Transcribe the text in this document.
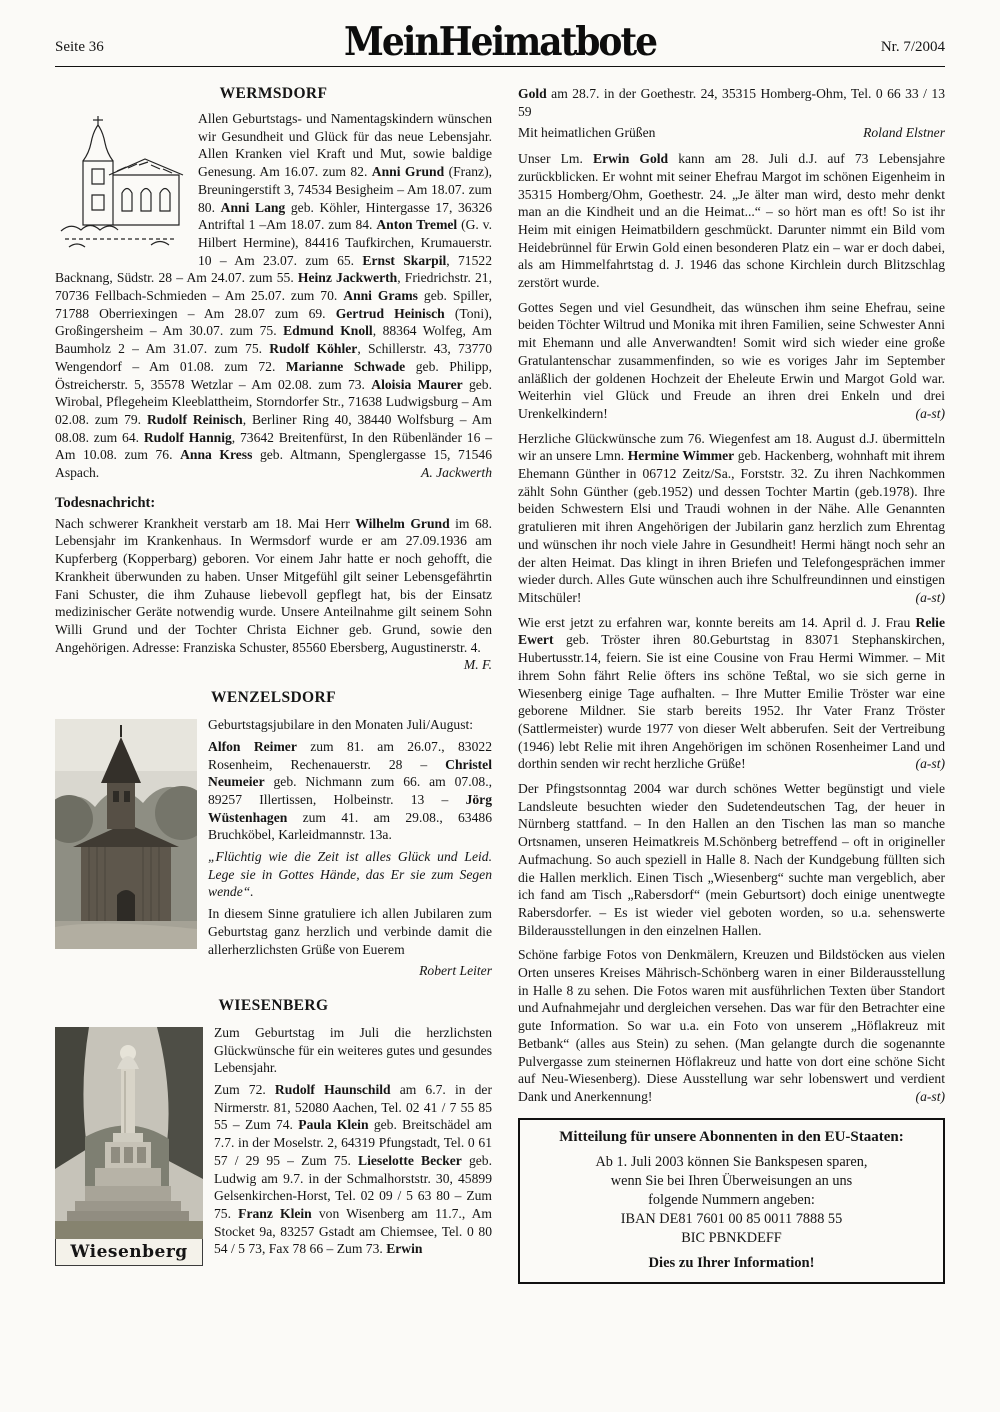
Seite 36	MeinHeimatbote	Nr. 7/2004
WERMSDORF

Allen Geburtstags- und Namentagskindern wünschen wir Gesundheit und Glück für das neue Lebensjahr. Allen Kranken viel Kraft und Mut, sowie baldige Genesung. Am 16.07. zum 82. Anni Grund (Franz), Breuningerstift 3, 74534 Besigheim – Am 18.07. zum 80. Anni Lang geb. Köhler, Hintergasse 17, 36326 Antriftal 1 –Am 18.07. zum 84. Anton Tremel (G. v. Hilbert Hermine), 84416 Taufkirchen, Krumauerstr. 10 – Am 23.07. zum 65. Ernst Skarpil, 71522 Backnang, Südstr. 28 – Am 24.07. zum 55. Heinz Jackwerth, Friedrichstr. 21, 70736 Fellbach-Schmieden – Am 25.07. zum 70. Anni Grams geb. Spiller, 71788 Oberriexingen – Am 28.07 zum 69. Gertrud Heinisch (Toni), Großingersheim – Am 30.07. zum 75. Edmund Knoll, 88364 Wolfeg, Am Baumholz 2 – Am 31.07. zum 75. Rudolf Köhler, Schillerstr. 43, 73770 Wengendorf – Am 01.08. zum 72. Marianne Schwade geb. Philipp, Östreicherstr. 5, 35578 Wetzlar – Am 02.08. zum 73. Aloisia Maurer geb. Wirobal, Pflegeheim Kleeblattheim, Storndorfer Str., 71638 Ludwigsburg – Am 02.08. zum 79. Rudolf Reinisch, Berliner Ring 40, 38440 Wolfsburg – Am 08.08. zum 64. Rudolf Hannig, 73642 Breitenfürst, In den Rübenländer 16 – Am 10.08. zum 76. Anna Kress geb. Altmann, Spenglergasse 15, 71546 Aspach.	A. Jackwerth

Todesnachricht:

Nach schwerer Krankheit verstarb am 18. Mai Herr Wilhelm Grund im 68. Lebensjahr im Krankenhaus. In Wermsdorf wurde er am 27.09.1936 am Kupferberg (Kopperbarg) geboren. Vor einem Jahr hatte er noch gehofft, die Krankheit überwunden zu haben. Unser Mitgefühl gilt seiner Lebensgefährtin Fani Schuster, die ihm Zuhause liebevoll gepflegt hat, bis der Einsatz medizinischer Geräte notwendig wurde. Unsere Anteilnahme gilt seinem Sohn Willi Grund und der Tochter Christa Eichner geb. Grund, sowie den Angehörigen. Adresse: Franziska Schuster, 85560 Ebersberg, Augustinerstr. 4.
M. F.

WENZELSDORF

Geburtstagsjubilare in den Monaten Juli/August:

Alfon Reimer zum 81. am 26.07., 83022 Rosenheim, Rechenauerstr. 28 – Christel Neumeier geb. Nichmann zum 66. am 07.08., 89257 Illertissen, Holbeinstr. 13 – Jörg Wüstenhagen zum 41. am 29.08., 63486 Bruchköbel, Karleidmannstr. 13a.

„Flüchtig wie die Zeit ist alles Glück und Leid. Lege sie in Gottes Hände, das Er sie zum Segen wende“.

In diesem Sinne gratuliere ich allen Jubilaren zum Geburtstag ganz herzlich und verbinde damit die allerherzlichsten Grüße von Euerem

Robert Leiter

WIESENBERG
Wiesenberg

Zum Geburtstag im Juli die herzlichsten Glückwünsche für ein weiteres gutes und gesundes Lebensjahr.

Zum 72. Rudolf Haunschild am 6.7. in der Nirmerstr. 81, 52080 Aachen, Tel. 02 41 / 7 55 85 55 – Zum 74. Paula Klein geb. Breitschädel am 7.7. in der Moselstr. 2, 64319 Pfungstadt, Tel. 0 61 57 / 29 95 – Zum 75. Lieselotte Becker geb. Ludwig am 9.7. in der Schmalhorststr. 30, 45899 Gelsenkirchen-Horst, Tel. 02 09 / 5 63 80 – Zum 75. Franz Klein von Wisenberg am 11.7., Am Stocket 9a, 83257 Gstadt am Chiemsee, Tel. 0 80 54 / 5 73, Fax 78 66 – Zum 73. Erwin

Gold am 28.7. in der Goethestr. 24, 35315 Homberg-Ohm, Tel. 0 66 33 / 13 59

Mit heimatlichen Grüßen	Roland Elstner

Unser Lm. Erwin Gold kann am 28. Juli d.J. auf 73 Lebensjahre zurückblicken. Er wohnt mit seiner Ehefrau Margot im schönen Eigenheim in 35315 Homberg/Ohm, Goethestr. 24. „Je älter man wird, desto mehr denkt man an die Kindheit und an die Heimat...“ – so hört man es oft! So ist ihr Heim mit einigen Heimatbildern geschmückt. Darunter nimmt ein Bild vom Heidebrünnel für Erwin Gold einen besonderen Platz ein – war er doch dabei, als am Himmelfahrtstag d. J. 1946 das schone Kirchlein durch Blitzschlag zerstört wurde.

Gottes Segen und viel Gesundheit, das wünschen ihm seine Ehefrau, seine beiden Töchter Wiltrud und Monika mit ihren Familien, seine Schwester Anni mit Ehemann und alle Anverwandten! Somit wird sich wieder eine große Gratulantenschar zusammenfinden, so wie es voriges Jahr im September anläßlich der goldenen Hochzeit der Eheleute Erwin und Margot Gold war. Weiterhin viel Glück und Freude an ihren drei Enkeln und drei Urenkelkindern!	(a-st)

Herzliche Glückwünsche zum 76. Wiegenfest am 18. August d.J. übermitteln wir an unsere Lmn. Hermine Wimmer geb. Hackenberg, wohnhaft mit ihrem Ehemann Günther in 06712 Zeitz/Sa., Forststr. 32. Zu ihren Nachkommen zählt Sohn Günther (geb.1952) und dessen Tochter Martin (geb.1978). Ihre beiden Schwestern Elsi und Traudi wohnen in der Nähe. Alle Genannten gratulieren mit ihren Angehörigen der Jubilarin ganz herzlich zum Ehrentag und wünschen ihr noch viele Jahre in Gesundheit! Hermi hängt noch sehr an der alten Heimat. Das klingt in ihren Briefen und Telefongesprächen immer wieder durch. Alles Gute wünschen auch ihre Schulfreundinnen und einstigen Mitschüler!	(a-st)

Wie erst jetzt zu erfahren war, konnte bereits am 14. April d. J. Frau Relie Ewert geb. Tröster ihren 80.Geburtstag in 83071 Stephanskirchen, Hubertusstr.14, feiern. Sie ist eine Cousine von Frau Hermi Wimmer. – Mit ihrem Sohn fährt Relie öfters ins schöne Teßtal, wo sie sich gerne in Wiesenberg einige Tage aufhalten. – Ihre Mutter Emilie Tröster war eine geborene Mildner. Sie starb bereits 1952. Ihr Vater Franz Tröster (Sattlermeister) wurde 1977 von dieser Welt abberufen. Seit der Vertreibung (1946) lebt Relie mit ihren Angehörigen im schönen Rosenheimer Land und dorthin senden wir recht herzliche Grüße!	(a-st)

Der Pfingstsonntag 2004 war durch schönes Wetter begünstigt und viele Landsleute besuchten wieder den Sudetendeutschen Tag, der heuer in Nürnberg stattfand. – In den Hallen an den Tischen las man so manche Ortsnamen, unseren Heimatkreis M.Schönberg betreffend – oft in origineller Aufmachung. So auch speziell in Halle 8. Nach der Kundgebung füllten sich die Hallen merklich. Einen Tisch „Wiesenberg“ suchte man vergeblich, aber ich fand am Tisch „Rabersdorf“ (mein Geburtsort) doch einige unentwegte Rabersdorfer. – Es ist wieder viel geboten worden, so u.a. sehenswerte Bilderausstellungen in den einzelnen Hallen.

Schöne farbige Fotos von Denkmälern, Kreuzen und Bildstöcken aus vielen Orten unseres Kreises Mährisch-Schönberg waren in einer Bilderausstellung in Halle 8 zu sehen. Die Fotos waren mit ausführlichen Texten über Standort und Aufnahmejahr und dergleichen versehen. Das war für den Betrachter eine gute Information. So war u.a. ein Foto von unserem „Höflakreuz mit Betbank“ (alles aus Stein) zu sehen. (Man gelangte durch die sogenannte Pulvergasse zum steinernen Höflakreuz und hatte von dort eine schöne Sicht auf Neu-Wiesenberg). Diese Ausstellung war sehr lobenswert und verdient Dank und Anerkennung!	(a-st)

Mitteilung für unsere Abonnenten in den EU-Staaten:

Ab 1. Juli 2003 können Sie Bankspesen sparen,

wenn Sie bei Ihren Überweisungen an uns

folgende Nummern angeben:

IBAN DE81 7601 00 85 0011 7888 55

BIC PBNKDEFF

Dies zu Ihrer Information!
